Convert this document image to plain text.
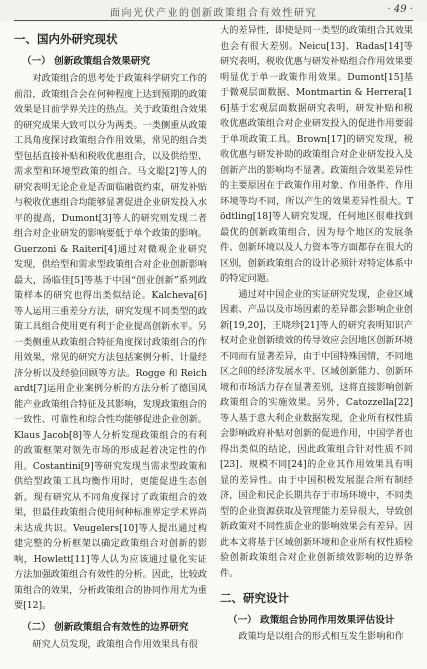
面向光伏产业的创新政策组合有效性研究	· 49 ·
一、国内外研究现状
（一） 创新政策组合效果研究

对政策组合的思考处于政策科学研究工作的前沿，政策组合会在何种程度上达到预期的政策效果是目前学界关注的热点。关于政策组合效果的研究成果大致可以分为两类。一类侧重从政策工具角度探讨政策组合作用效果，常见的组合类型包括直接补贴和税收优惠组合，以及供给型、需求型和环境型政策的组合。马文聪[2]等人的研究表明无论企业是否面临融资约束，研发补贴与税收优惠组合均能够显著促进企业研发投入水平的提高，Dumont[3]等人的研究则发现二者组合对企业研发的影响要低于单个政策的影响。Guerzoni & Raiteri[4]通过对微观企业研究发现，供给型和需求型政策组合对企业创新影响最大，汤临佳[5]等基于中国“创业创新”系列政策样本的研究也得出类似结论。Kalcheva[6]等人运用三重差分方法，研究发现不同类型的政策工具组合使用更有利于企业提高创新水平。另一类侧重从政策组合特征角度探讨政策组合的作用效果，常见的研究方法包括案例分析、计量经济分析以及经验回顾等方法。Rogge 和 Reichardt[7]运用企业案例分析的方法分析了德国风能产业政策组合特征及其影响，发现政策组合的一致性、可靠性和综合性均能够促进企业创新。Klaus Jacob[8]等人分析发现政策组合的有利的政策框架对领先市场的形成起着决定性的作用。Costantini[9]等研究发现当需求型政策和供给型政策工具均衡作用时，更能促进生态创新。现有研究从不同角度探讨了政策组合的效果，但最佳政策组合使用何种标准界定学术界尚未达成共识。Veugelers[10]等人提出通过构建完整的分析框架以确定政策组合对创新的影响，Howlett[11]等人认为应该通过量化实证方法加强政策组合有效性的分析。因此，比较政策组合的效果，分析政策组合的协同作用尤为重要[12]。

（二） 创新政策组合有效性的边界研究

研究人员发现，政策组合作用效果具有很

大的差异性，即使是同一类型的政策组合其效果也会有很大差别。Neicu[13]、Radas[14]等研究表明，税收优惠与研发补贴组合作用效果要明显优于单一政策作用效果。Dumont[15]基于微观层面数据、Montmartin & Herrera[16]基于宏观层面数据研究表明，研发补贴和税收优惠政策组合对企业研发投入的促进作用要弱于单项政策工具。Brown[17]的研究发现，税收优惠与研发补助的政策组合对企业研发投入及创新产出的影响均不显著。政策组合效果差异性的主要原因在于政策作用对象、作用条件、作用环境等均不同，所以产生的效果差异性很大。Tödtling[18]等人研究发现，任何地区很难找到最优的创新政策组合，因为每个地区的发展条件、创新环境以及人力资本等方面都存在很大的区别，创新政策组合的设计必须针对特定体系中的特定问题。

通过对中国企业的实证研究发现，企业区域因素、产品以及市场因素的差异都会影响企业创新[19,20]，王晓珍[21]等人的研究表明知识产权对企业创新绩效的传导效应会因地区创新环境不同而有显著差异，由于中国特殊国情，不同地区之间的经济发展水平、区域创新能力、创新环境和市场活力存在显著差别，这将直接影响创新政策组合的实施效果。另外，Catozzella[22]等人基于意大利企业数据发现，企业所有权性质会影响政府补贴对创新的促进作用，中国学者也得出类似的结论，因此政策组合针对性质不同[23]、规模不同[24]的企业其作用效果具有明显的差异性。由于中国积极发展混合所有制经济，国企和民企长期共存于市场环境中，不同类型的企业资源获取及管理能力差异很大，导致创新政策对不同性质企业的影响效果会有差异。因此本文将基于区域创新环境和企业所有权性质检验创新政策组合对企业创新绩效影响的边界条件。

二、研究设计
（一） 政策组合协同作用效果评估设计

政策均是以组合的形式相互发生影响和作
